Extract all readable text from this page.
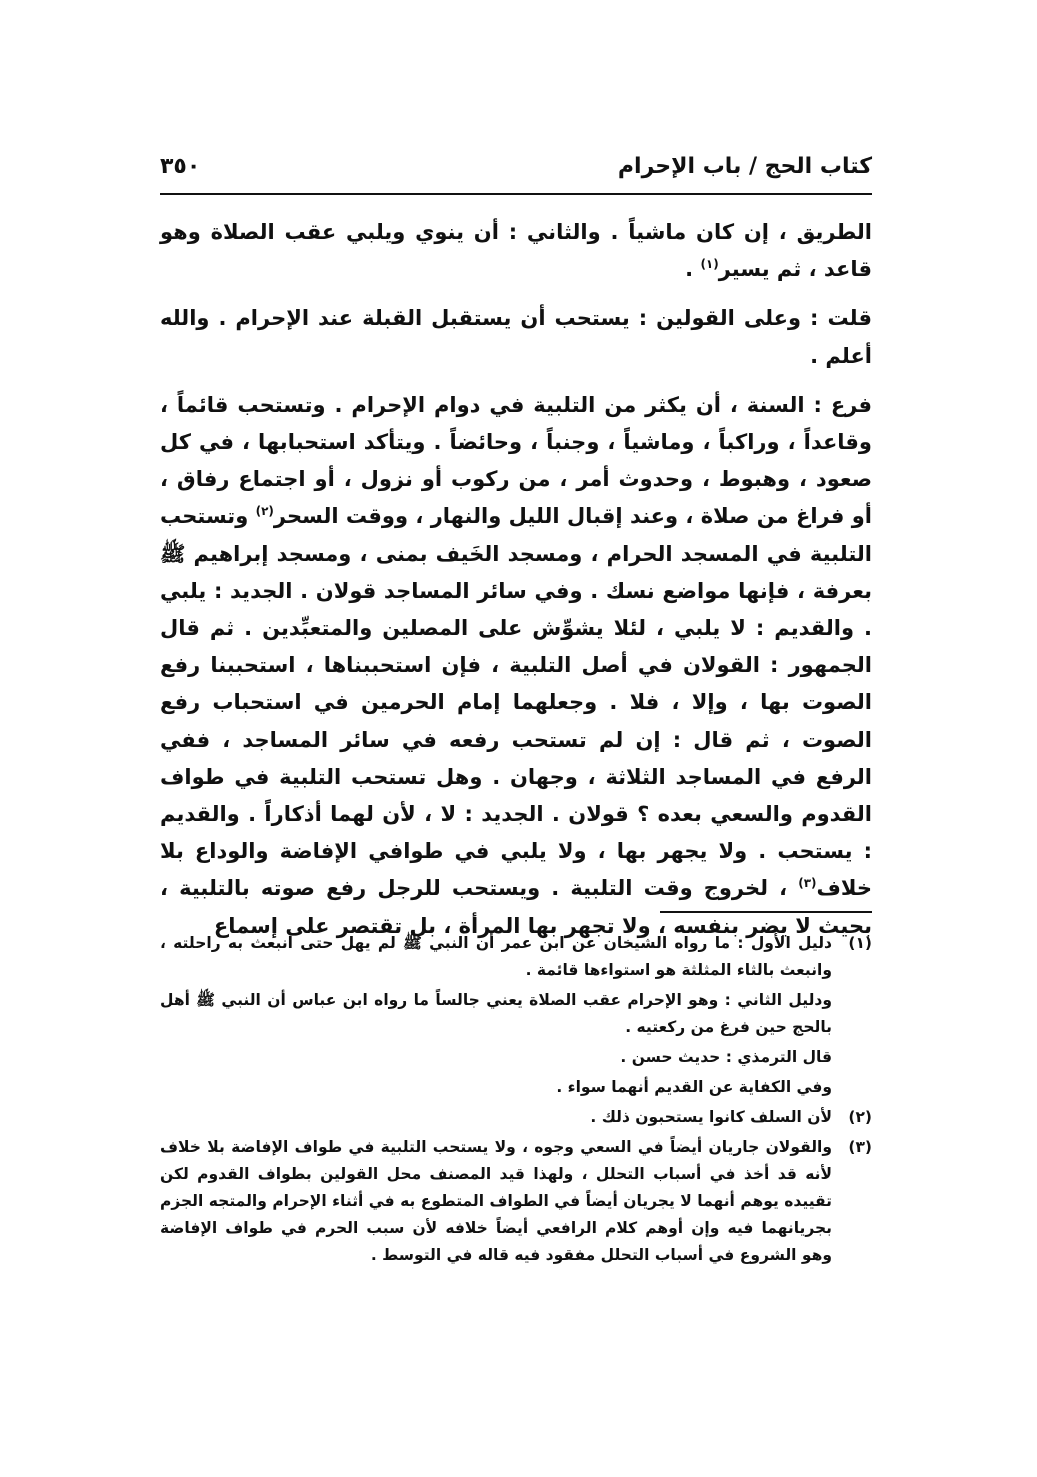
كتاب الحج / باب الإحرام
٣٥٠

الطريق ، إن كان ماشياً . والثاني : أن ينوي ويلبي عقب الصلاة وهو قاعد ، ثم يسير$^{(١)}$ .

قلت : وعلى القولين : يستحب أن يستقبل القبلة عند الإحرام . والله أعلم .

فرع : السنة ، أن يكثر من التلبية في دوام الإحرام . وتستحب قائماً ، وقاعداً ، وراكباً ، وماشياً ، وجنباً ، وحائضاً . ويتأكد استحبابها ، في كل صعود ، وهبوط ، وحدوث أمر ، من ركوب أو نزول ، أو اجتماع رفاق ، أو فراغ من صلاة ، وعند إقبال الليل والنهار ، ووقت السحر$^{(٢)}$ وتستحب التلبية في المسجد الحرام ، ومسجد الخَيف بمنى ، ومسجد إبراهيم ﷺ بعرفة ، فإنها مواضع نسك . وفي سائر المساجد قولان . الجديد : يلبي . والقديم : لا يلبي ، لئلا يشوِّش على المصلين والمتعبِّدين . ثم قال الجمهور : القولان في أصل التلبية ، فإن استحببناها ، استحببنا رفع الصوت بها ، وإلا ، فلا . وجعلهما إمام الحرمين في استحباب رفع الصوت ، ثم قال : إن لم تستحب رفعه في سائر المساجد ، ففي الرفع في المساجد الثلاثة ، وجهان . وهل تستحب التلبية في طواف القدوم والسعي بعده ؟ قولان . الجديد : لا ، لأن لهما أذكاراً . والقديم : يستحب . ولا يجهر بها ، ولا يلبي في طوافي الإفاضة والوداع بلا خلاف$^{(٣)}$ ، لخروج وقت التلبية . ويستحب للرجل رفع صوته بالتلبية ، بحيث لا يضر بنفسه ، ولا تجهر بها المرأة ، بل تقتصر على إسماع

(١)
دليل الأول : ما رواه الشيخان عن ابن عمر أن النبي ﷺ لم يهل حتى انبعث به راحلته ، وانبعث بالثاء المثلثة هو استواءها قائمة .

ودليل الثاني : وهو الإحرام عقب الصلاة يعني جالساً ما رواه ابن عباس أن النبي ﷺ أهل بالحج حين فرغ من ركعتيه .

قال الترمذي : حديث حسن .

وفي الكفاية عن القديم أنهما سواء .

(٢)
لأن السلف كانوا يستحبون ذلك .

(٣)
والقولان جاريان أيضاً في السعي وجوه ، ولا يستحب التلبية في طواف الإفاضة بلا خلاف لأنه قد أخذ في أسباب التحلل ، ولهذا قيد المصنف محل القولين بطواف القدوم لكن تقييده يوهم أنهما لا يجريان أيضاً في الطواف المتطوع به في أثناء الإحرام والمتجه الجزم بجريانهما فيه وإن أوهم كلام الرافعي أيضاً خلافه لأن سبب الحرم في طواف الإفاضة وهو الشروع في أسباب التحلل مفقود فيه قاله في التوسط .
